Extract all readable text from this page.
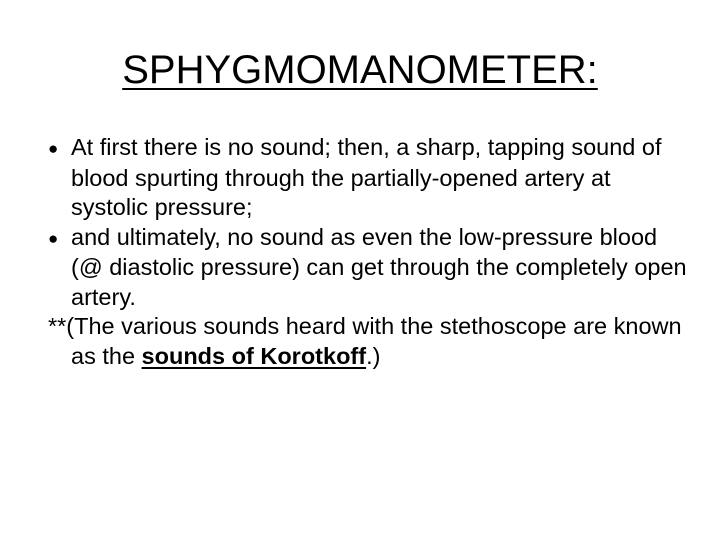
SPHYGMOMANOMETER:

● At first there is no sound; then, a sharp, tapping sound of blood spurting through the partially-opened artery at systolic pressure;

● and ultimately, no sound as even the low-pressure blood (@ diastolic pressure) can get through the completely open artery.

**(The various sounds heard with the stethoscope are known as the sounds of Korotkoff.)
